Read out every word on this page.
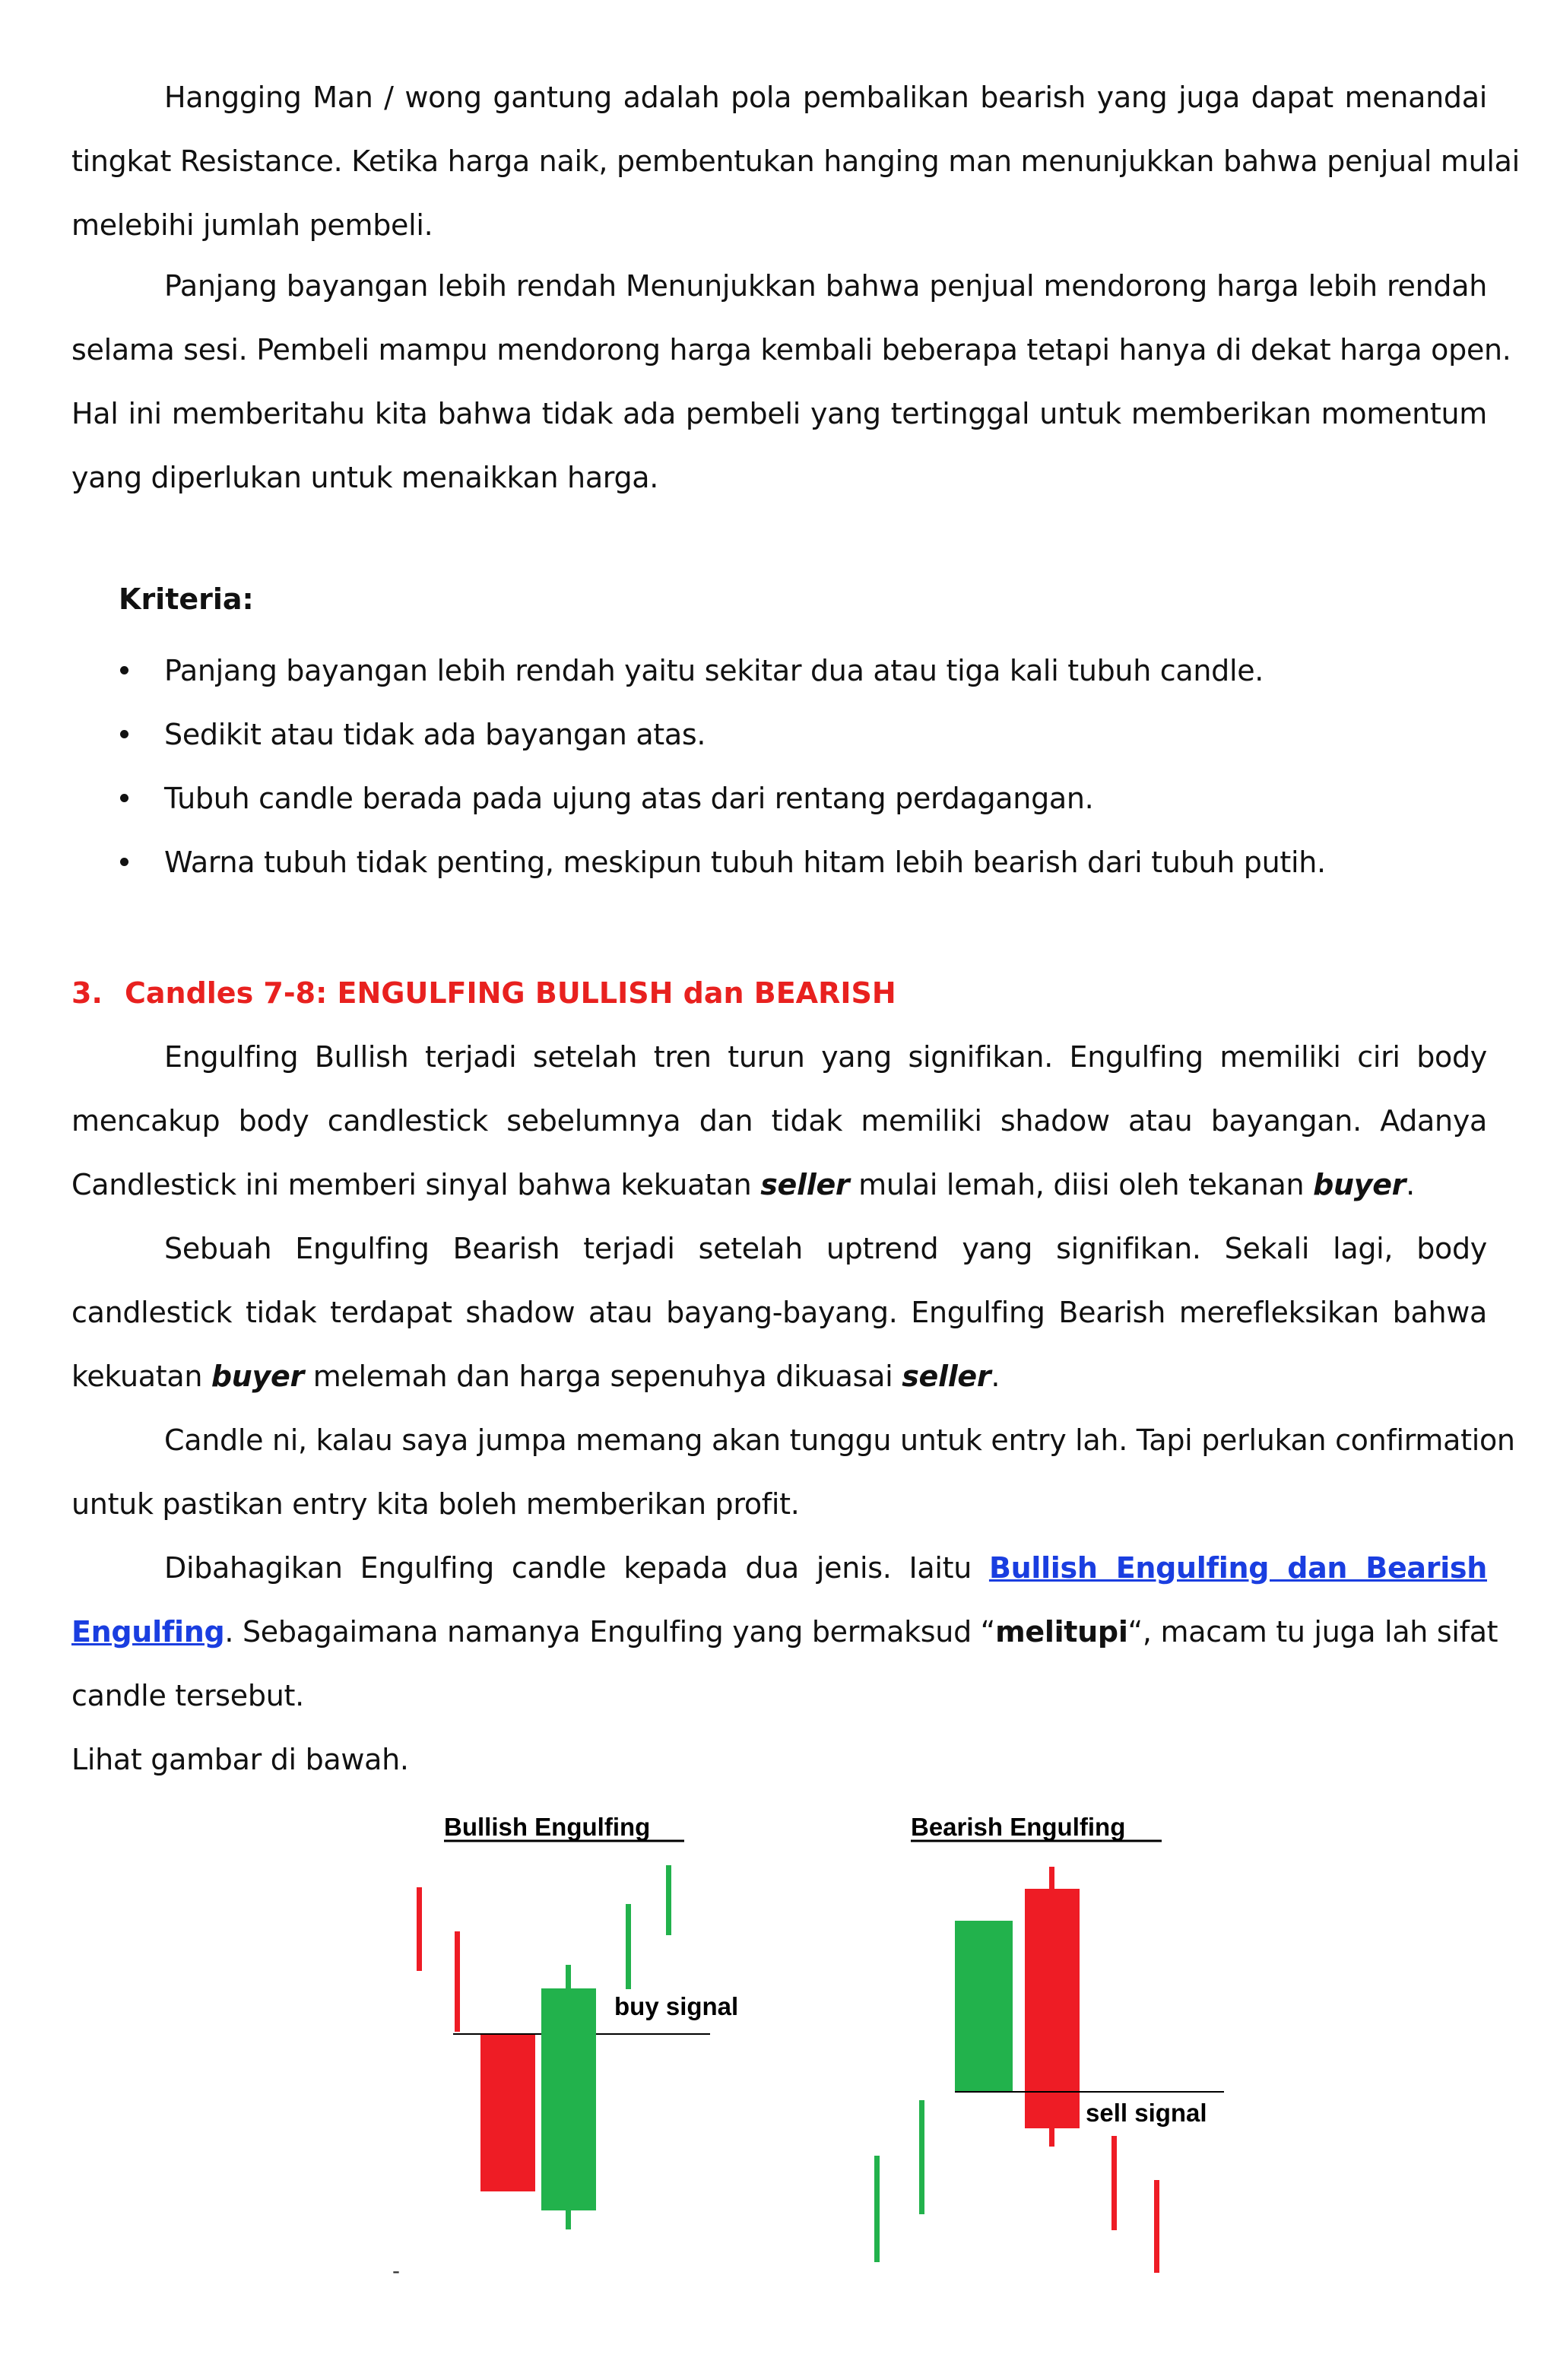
Hangging Man / wong gantung adalah pola pembalikan bearish yang juga dapat menandai
tingkat Resistance. Ketika harga naik, pembentukan hanging man menunjukkan bahwa penjual mulai
melebihi jumlah pembeli.
Panjang bayangan lebih rendah Menunjukkan bahwa penjual mendorong harga lebih rendah
selama sesi. Pembeli mampu mendorong harga kembali beberapa tetapi hanya di dekat harga open.
Hal ini memberitahu kita bahwa tidak ada pembeli yang tertinggal untuk memberikan momentum
yang diperlukan untuk menaikkan harga.

Kriteria:

Panjang bayangan lebih rendah yaitu sekitar dua atau tiga kali tubuh candle.
Sedikit atau tidak ada bayangan atas.
Tubuh candle berada pada ujung atas dari rentang perdagangan.
Warna tubuh tidak penting, meskipun tubuh hitam lebih bearish dari tubuh putih.
3. Candles 7-8: ENGULFING BULLISH dan BEARISH
Engulfing Bullish terjadi setelah tren turun yang signifikan. Engulfing memiliki ciri body
mencakup body candlestick sebelumnya dan tidak memiliki shadow atau bayangan. Adanya
Candlestick ini memberi sinyal bahwa kekuatan seller mulai lemah, diisi oleh tekanan buyer.
Sebuah Engulfing Bearish terjadi setelah uptrend yang signifikan. Sekali lagi, body
candlestick tidak terdapat shadow atau bayang-bayang. Engulfing Bearish merefleksikan bahwa
kekuatan buyer melemah dan harga sepenuhya dikuasai seller.
Candle ni, kalau saya jumpa memang akan tunggu untuk entry lah. Tapi perlukan confirmation
untuk pastikan entry kita boleh memberikan profit.
Dibahagikan Engulfing candle kepada dua jenis. Iaitu Bullish Engulfing dan Bearish
Engulfing. Sebagaimana namanya Engulfing yang bermaksud “melitupi“, macam tu juga lah sifat
candle tersebut.
Lihat gambar di bawah.
Bullish Engulfing	Bearish Engulfing
buy signal
sell signal
-
